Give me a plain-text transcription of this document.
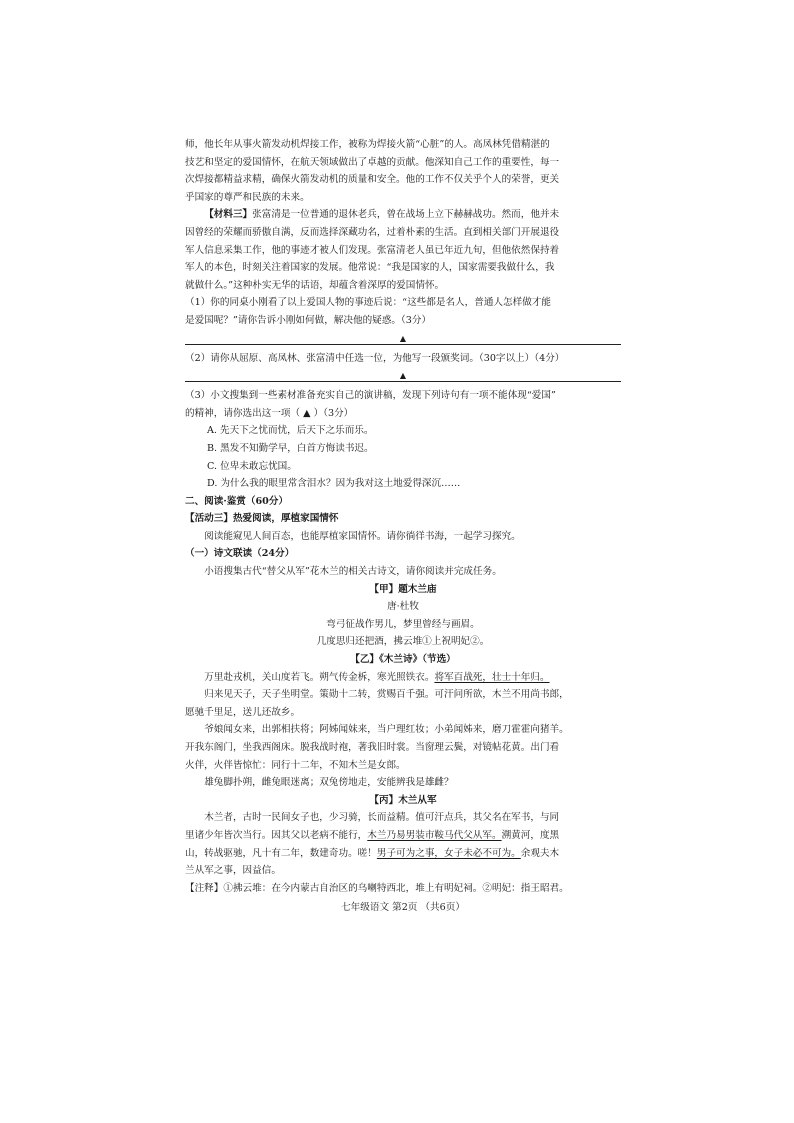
师，他长年从事火箭发动机焊接工作，被称为焊接火箭“心脏”的人。高凤林凭借精湛的
技艺和坚定的爱国情怀，在航天领域做出了卓越的贡献。他深知自己工作的重要性，每一
次焊接都精益求精，确保火箭发动机的质量和安全。他的工作不仅关乎个人的荣誉，更关
乎国家的尊严和民族的未来。

【材料三】张富清是一位普通的退休老兵，曾在战场上立下赫赫战功。然而，他并未
因曾经的荣耀而骄傲自满，反而选择深藏功名，过着朴素的生活。直到相关部门开展退役
军人信息采集工作，他的事迹才被人们发现。张富清老人虽已年近九旬，但他依然保持着
军人的本色，时刻关注着国家的发展。他常说：“我是国家的人，国家需要我做什么，我
就做什么。”这种朴实无华的话语，却蕴含着深厚的爱国情怀。

（1）你的同桌小刚看了以上爱国人物的事迹后说：“这些都是名人，普通人怎样做才能
是爱国呢？”请你告诉小刚如何做，解决他的疑惑。（3分）

▲

（2）请你从屈原、高凤林、张富清中任选一位，为他写一段颁奖词。（30字以上）（4分）

▲

（3）小文搜集到一些素材准备充实自己的演讲稿，发现下列诗句有一项不能体现“爱国”
的精神，请你选出这一项（ ▲ ）（3分）

A. 先天下之忧而忧，后天下之乐而乐。

B. 黑发不知勤学早，白首方悔读书迟。

C. 位卑未敢忘忧国。

D. 为什么我的眼里常含泪水？因为我对这土地爱得深沉……

二、阅读·鉴赏（60分）

【活动三】热爱阅读，厚植家国情怀

阅读能窥见人间百态，也能厚植家国情怀。请你徜徉书海，一起学习探究。

（一）诗文联读（24分）

小语搜集古代“替父从军”花木兰的相关古诗文，请你阅读并完成任务。

【甲】题木兰庙

唐·杜牧

弯弓征战作男儿，梦里曾经与画眉。

几度思归还把酒，拂云堆①上祝明妃②。

【乙】《木兰诗》（节选）

万里赴戎机，关山度若飞。朔气传金柝，寒光照铁衣。将军百战死，壮士十年归。

归来见天子，天子坐明堂。策勋十二转，赏赐百千强。可汗问所欲，木兰不用尚书郎，

愿驰千里足，送儿还故乡。

爷娘闻女来，出郭相扶将；阿姊闻妹来，当户理红妆；小弟闻姊来，磨刀霍霍向猪羊。

开我东阁门，坐我西阁床。脱我战时袍，著我旧时裳。当窗理云鬓，对镜帖花黄。出门看

火伴，火伴皆惊忙：同行十二年，不知木兰是女郎。

雄兔脚扑朔，雌兔眼迷离；双兔傍地走，安能辨我是雄雌？

【丙】木兰从军

木兰者，古时一民间女子也，少习骑，长而益精。值可汗点兵，其父名在军书，与同

里诸少年皆次当行。因其父以老病不能行，木兰乃易男装市鞍马代父从军。溯黄河，度黑

山，转战驱驰，凡十有二年，数建奇功。嗟！男子可为之事，女子未必不可为。余观夫木

兰从军之事，因益信。

【注释】①拂云堆：在今内蒙古自治区的乌喇特西北，堆上有明妃祠。②明妃：指王昭君。

七年级语文 第2页 （共6页）
